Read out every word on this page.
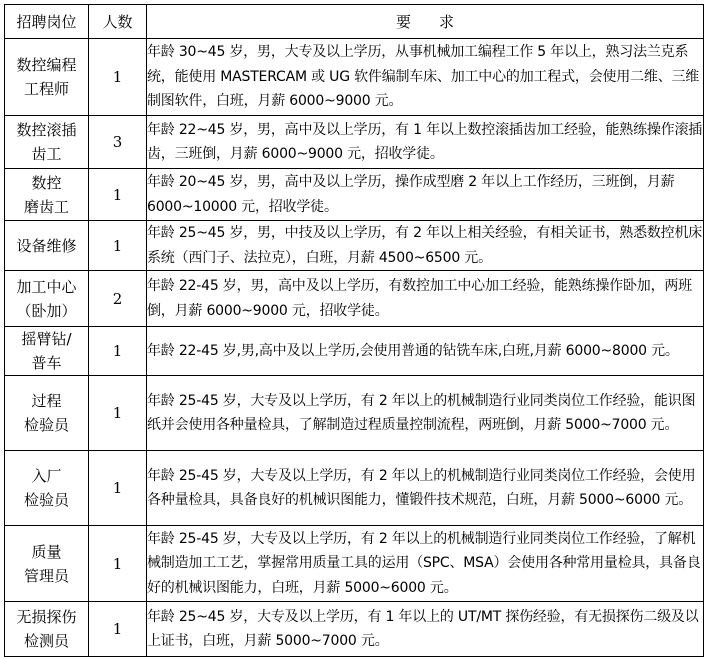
招聘岗位	人数	要求

数控编程
工程师	1	年龄 30~45 岁，男，大专及以上学历，从事机械加工编程工作 5 年以上，熟习法兰克系统，能使用 MASTERCAM 或 UG 软件编制车床、加工中心的加工程式，会使用二维、三维制图软件，白班，月薪 6000~9000 元。

数控滚插
齿工	3	年龄 22~45 岁，男，高中及以上学历，有 1 年以上数控滚插齿加工经验，能熟练操作滚插齿，三班倒，月薪 6000~9000 元，招收学徒。

数控
磨齿工	1	年龄 20~45 岁，男，高中及以上学历，操作成型磨 2 年以上工作经历，三班倒，月薪 6000~10000 元，招收学徒。

设备维修	1	年龄 25~45 岁，男，中技及以上学历，有 2 年以上相关经验，有相关证书，熟悉数控机床系统（西门子、法拉克），白班，月薪 4500~6500 元。

加工中心
（卧加）	2	年龄 22-45 岁，男，高中及以上学历，有数控加工中心加工经验，能熟练操作卧加，两班倒，月薪 6000~9000 元，招收学徒。

摇臂钻/
普车	1	年龄 22-45 岁,男,高中及以上学历,会使用普通的钻铣车床,白班,月薪 6000~8000 元。

过程
检验员	1	年龄 25-45 岁，大专及以上学历，有 2 年以上的机械制造行业同类岗位工作经验，能识图纸并会使用各种量检具，了解制造过程质量控制流程，两班倒，月薪 5000~7000 元。

入厂
检验员	1	年龄 25-45 岁，大专及以上学历，有 2 年以上的机械制造行业同类岗位工作经验，会使用各种量检具，具备良好的机械识图能力，懂锻件技术规范，白班，月薪 5000~6000 元。

质量
管理员	1	年龄 25-45 岁，大专及以上学历，有 2 年以上的机械制造行业同类岗位工作经验，了解机械制造加工工艺，掌握常用质量工具的运用（SPC、MSA）会使用各种常用量检具，具备良好的机械识图能力，白班，月薪 5000~6000 元。

无损探伤
检测员	1	年龄 25~45 岁，大专及以上学历，有 1 年以上的 UT/MT 探伤经验，有无损探伤二级及以上证书，白班，月薪 5000~7000 元。
